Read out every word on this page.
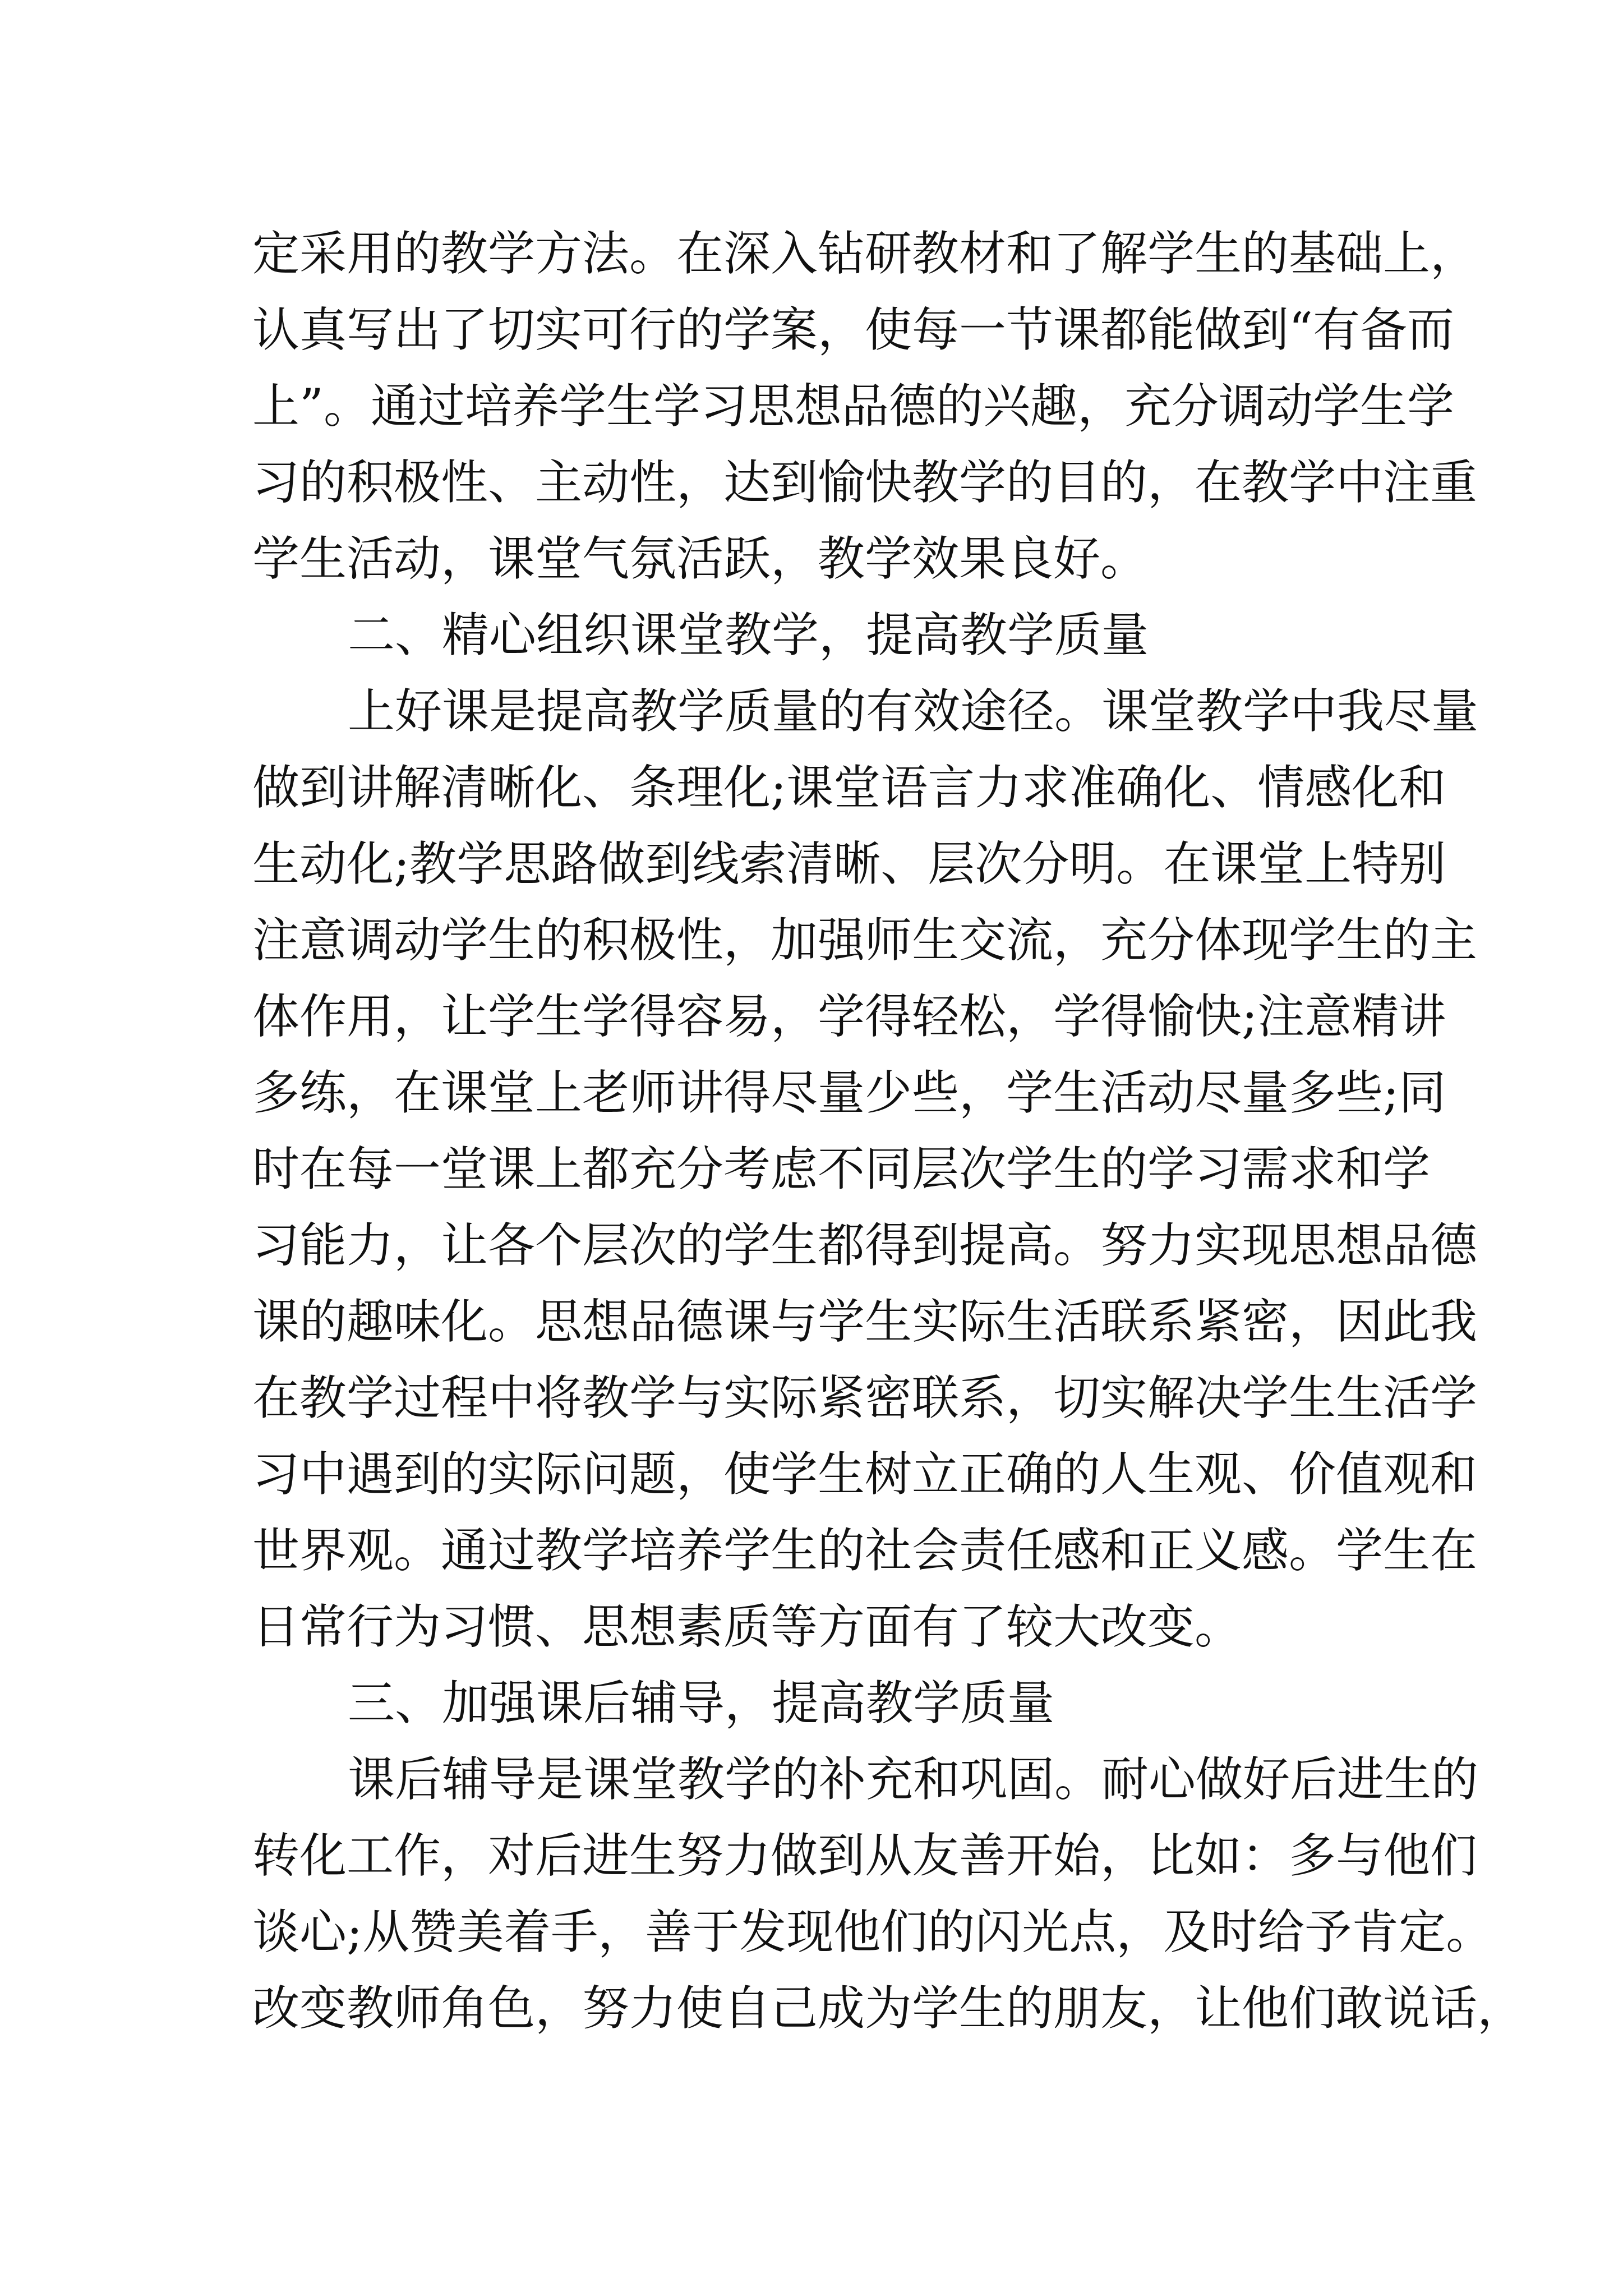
定采用的教学方法。在深入钻研教材和了解学生的基础上，
认真写出了切实可行的学案，使每一节课都能做到“有备而
上”。通过培养学生学习思想品德的兴趣，充分调动学生学
习的积极性、主动性，达到愉快教学的目的，在教学中注重
学生活动，课堂气氛活跃，教学效果良好。
二、精心组织课堂教学，提高教学质量
上好课是提高教学质量的有效途径。课堂教学中我尽量
做到讲解清晰化、条理化;课堂语言力求准确化、情感化和
生动化;教学思路做到线索清晰、层次分明。在课堂上特别
注意调动学生的积极性，加强师生交流，充分体现学生的主
体作用，让学生学得容易，学得轻松，学得愉快;注意精讲
多练，在课堂上老师讲得尽量少些，学生活动尽量多些;同
时在每一堂课上都充分考虑不同层次学生的学习需求和学
习能力，让各个层次的学生都得到提高。努力实现思想品德
课的趣味化。思想品德课与学生实际生活联系紧密，因此我
在教学过程中将教学与实际紧密联系，切实解决学生生活学
习中遇到的实际问题，使学生树立正确的人生观、价值观和
世界观。通过教学培养学生的社会责任感和正义感。学生在
日常行为习惯、思想素质等方面有了较大改变。
三、加强课后辅导，提高教学质量
课后辅导是课堂教学的补充和巩固。耐心做好后进生的
转化工作，对后进生努力做到从友善开始，比如：多与他们
谈心;从赞美着手，善于发现他们的闪光点，及时给予肯定。
改变教师角色，努力使自己成为学生的朋友，让他们敢说话，
